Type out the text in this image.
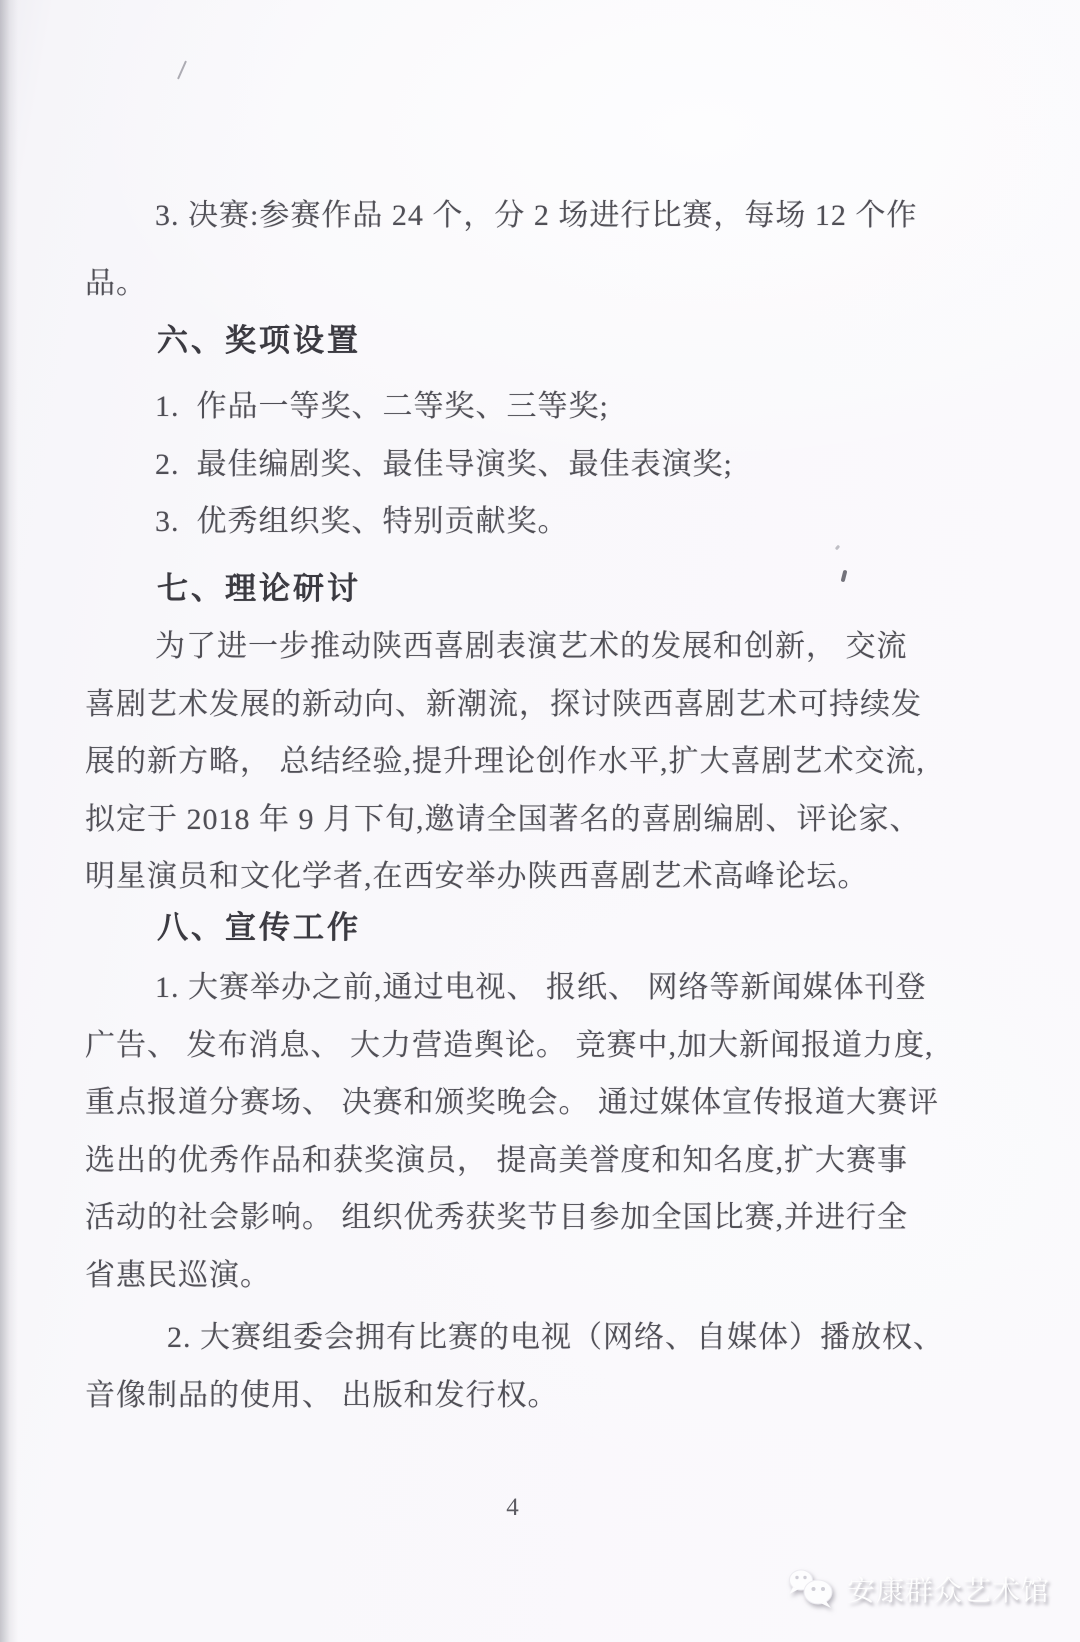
3. 决赛:参赛作品 24 个，分 2 场进行比赛，每场 12 个作
品。
六、奖项设置
1.  作品一等奖、二等奖、三等奖;
2.  最佳编剧奖、最佳导演奖、最佳表演奖;
3.  优秀组织奖、特别贡献奖。
七、理论研讨
为了进一步推动陕西喜剧表演艺术的发展和创新， 交流
喜剧艺术发展的新动向、新潮流，探讨陕西喜剧艺术可持续发
展的新方略， 总结经验,提升理论创作水平,扩大喜剧艺术交流,
拟定于 2018 年 9 月下旬,邀请全国著名的喜剧编剧、评论家、
明星演员和文化学者,在西安举办陕西喜剧艺术高峰论坛。
八、宣传工作
1. 大赛举办之前,通过电视、 报纸、 网络等新闻媒体刊登
广告、 发布消息、 大力营造舆论。 竞赛中,加大新闻报道力度,
重点报道分赛场、 决赛和颁奖晚会。 通过媒体宣传报道大赛评
选出的优秀作品和获奖演员， 提高美誉度和知名度,扩大赛事
活动的社会影响。 组织优秀获奖节目参加全国比赛,并进行全
省惠民巡演。
2. 大赛组委会拥有比赛的电视（网络、自媒体）播放权、
音像制品的使用、 出版和发行权。
4
安康群众艺术馆
